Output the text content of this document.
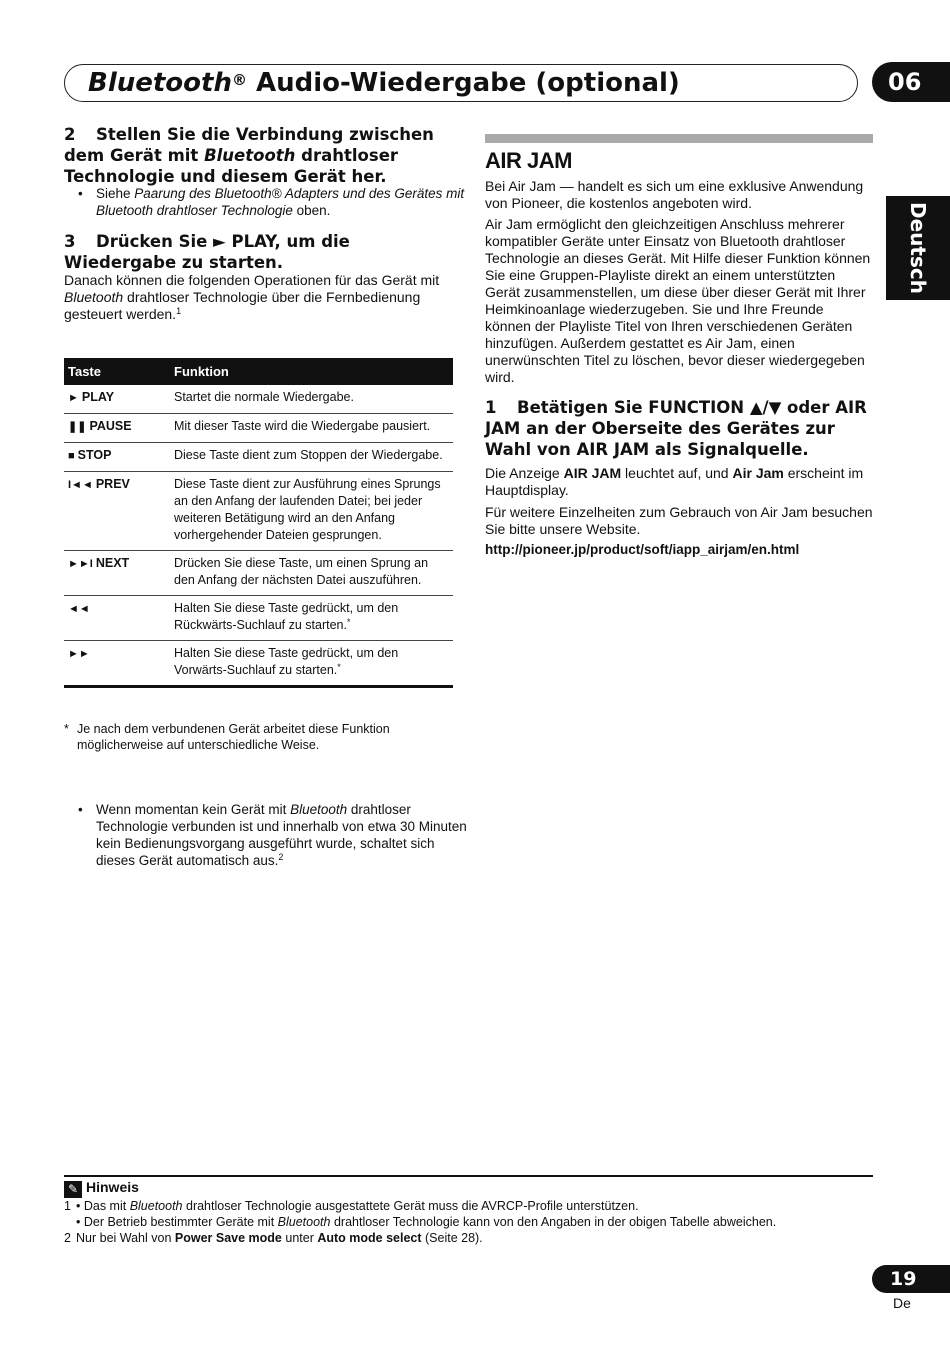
Bluetooth® Audio-Wiedergabe (optional)	06
Deutsch
2 Stellen Sie die Verbindung zwischen dem Gerät mit Bluetooth drahtloser Technologie und diesem Gerät her.
• Siehe Paarung des Bluetooth® Adapters und des Gerätes mit Bluetooth drahtloser Technologie oben.
3 Drücken Sie ► PLAY, um die Wiedergabe zu starten.
Danach können die folgenden Operationen für das Gerät mit Bluetooth drahtloser Technologie über die Fernbedienung gesteuert werden.$^1$
Taste	Funktion
► PLAY	Startet die normale Wiedergabe.
❚❚ PAUSE	Mit dieser Taste wird die Wiedergabe pausiert.
■ STOP	Diese Taste dient zum Stoppen der Wiedergabe.
I◄◄ PREV	Diese Taste dient zur Ausführung eines Sprungs an den Anfang der laufenden Datei; bei jeder weiteren Betätigung wird an den Anfang vorhergehender Dateien gesprungen.
►►I NEXT	Drücken Sie diese Taste, um einen Sprung an den Anfang der nächsten Datei auszuführen.
◄◄	Halten Sie diese Taste gedrückt, um den Rückwärts-Suchlauf zu starten.*
►►	Halten Sie diese Taste gedrückt, um den Vorwärts-Suchlauf zu starten.*
* Je nach dem verbundenen Gerät arbeitet diese Funktion möglicherweise auf unterschiedliche Weise.
• Wenn momentan kein Gerät mit Bluetooth drahtloser Technologie verbunden ist und innerhalb von etwa 30 Minuten kein Bedienungsvorgang ausgeführt wurde, schaltet sich dieses Gerät automatisch aus.$^2$
AIR JAM
Bei Air Jam — handelt es sich um eine exklusive Anwendung von Pioneer, die kostenlos angeboten wird.
Air Jam ermöglicht den gleichzeitigen Anschluss mehrerer kompatibler Geräte unter Einsatz von Bluetooth drahtloser Technologie an dieses Gerät. Mit Hilfe dieser Funktion können Sie eine Gruppen-Playliste direkt an einem unterstützten Gerät zusammenstellen, um diese über dieser Gerät mit Ihrer Heimkinoanlage wiederzugeben. Sie und Ihre Freunde können der Playliste Titel von Ihren verschiedenen Geräten hinzufügen. Außerdem gestattet es Air Jam, einen unerwünschten Titel zu löschen, bevor dieser wiedergegeben wird.
1 Betätigen Sie FUNCTION ▲/▼ oder AIR JAM an der Oberseite des Gerätes zur Wahl von AIR JAM als Signalquelle.
Die Anzeige AIR JAM leuchtet auf, und Air Jam erscheint im Hauptdisplay.
Für weitere Einzelheiten zum Gebrauch von Air Jam besuchen Sie bitte unsere Website.
http://pioneer.jp/product/soft/iapp_airjam/en.html
✎ Hinweis
1 • Das mit Bluetooth drahtloser Technologie ausgestattete Gerät muss die AVRCP-Profile unterstützen.
• Der Betrieb bestimmter Geräte mit Bluetooth drahtloser Technologie kann von den Angaben in der obigen Tabelle abweichen.
2 Nur bei Wahl von Power Save mode unter Auto mode select (Seite 28).
19
De
